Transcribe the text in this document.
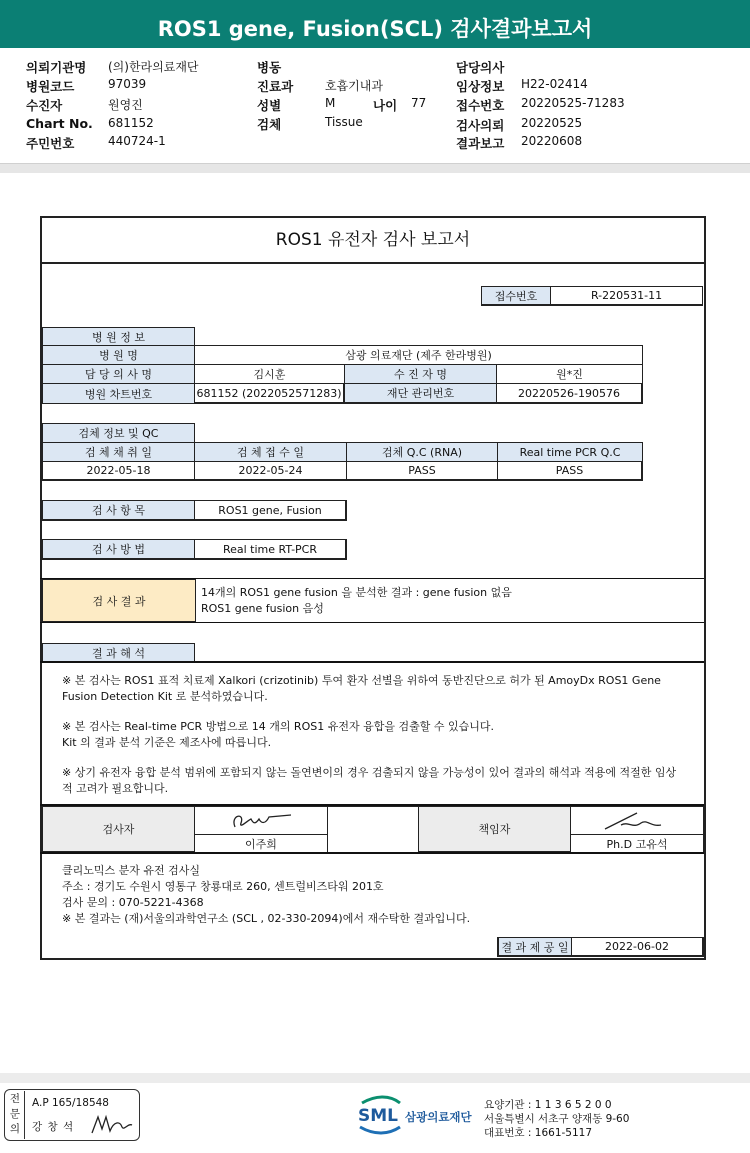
ROS1 gene, Fusion(SCL) 검사결과보고서
의뢰기관명 (의)한라의료재단
병원코드	97039
수진자	원영진
Chart No. 681152
주민번호	440724-1
병동
진료과	호흡기내과
성별	M	나이 77
검체	Tissue
담당의사
임상정보 H22-02414
접수번호 20220525-71283
검사의뢰 20220525
결과보고 20220608
ROS1 유전자 검사 보고서
접수번호	R-220531-11
병 원 정 보
병 원 명	삼광 의료재단 (제주 한라병원)
담 당 의 사 명	김시훈	수 진 자 명	원*진
병원 차트번호	681152 (2022052571283)	재단 관리번호	20220526-190576
검체 정보 및 QC
검 체 채 취 일	검 체 접 수 일	검체 Q.C (RNA)	Real time PCR Q.C
2022-05-18	2022-05-24	PASS	PASS
검 사 항 목	ROS1 gene, Fusion
검 사 방 법	Real time RT-PCR
검 사 결 과
14개의 ROS1 gene fusion 을 분석한 결과 : gene fusion 없음
ROS1 gene fusion 음성
결 과 해 석
※ 본 검사는 ROS1 표적 치료제 Xalkori (crizotinib) 투여 환자 선별을 위하여 동반진단으로 허가 된 AmoyDx ROS1 Gene
Fusion Detection Kit 로 분석하였습니다.
※ 본 검사는 Real-time PCR 방법으로 14 개의 ROS1 유전자 융합을 검출할 수 있습니다.
Kit 의 결과 분석 기준은 제조사에 따릅니다.
※ 상기 유전자 융합 분석 범위에 포함되지 않는 돌연변이의 경우 검출되지 않을 가능성이 있어 결과의 해석과 적용에 적절한 임상
적 고려가 필요합니다.
검사자
이주희
책임자
Ph.D 고유석
클리노믹스 분자 유전 검사실
주소 : 경기도 수원시 영통구 창룡대로 260, 센트럴비즈타워 201호
검사 문의 : 070-5221-4368
※ 본 결과는 (재)서울의과학연구소 (SCL , 02-330-2094)에서 재수탁한 결과입니다.
결 과 제 공 일	2022-06-02
전문의
A.P 165/18548
강 창 석
SML 삼광의료재단
요양기관 : 1 1 3 6 5 2 0 0
서울특별시 서초구 양재동 9-60
대표번호 : 1661-5117
